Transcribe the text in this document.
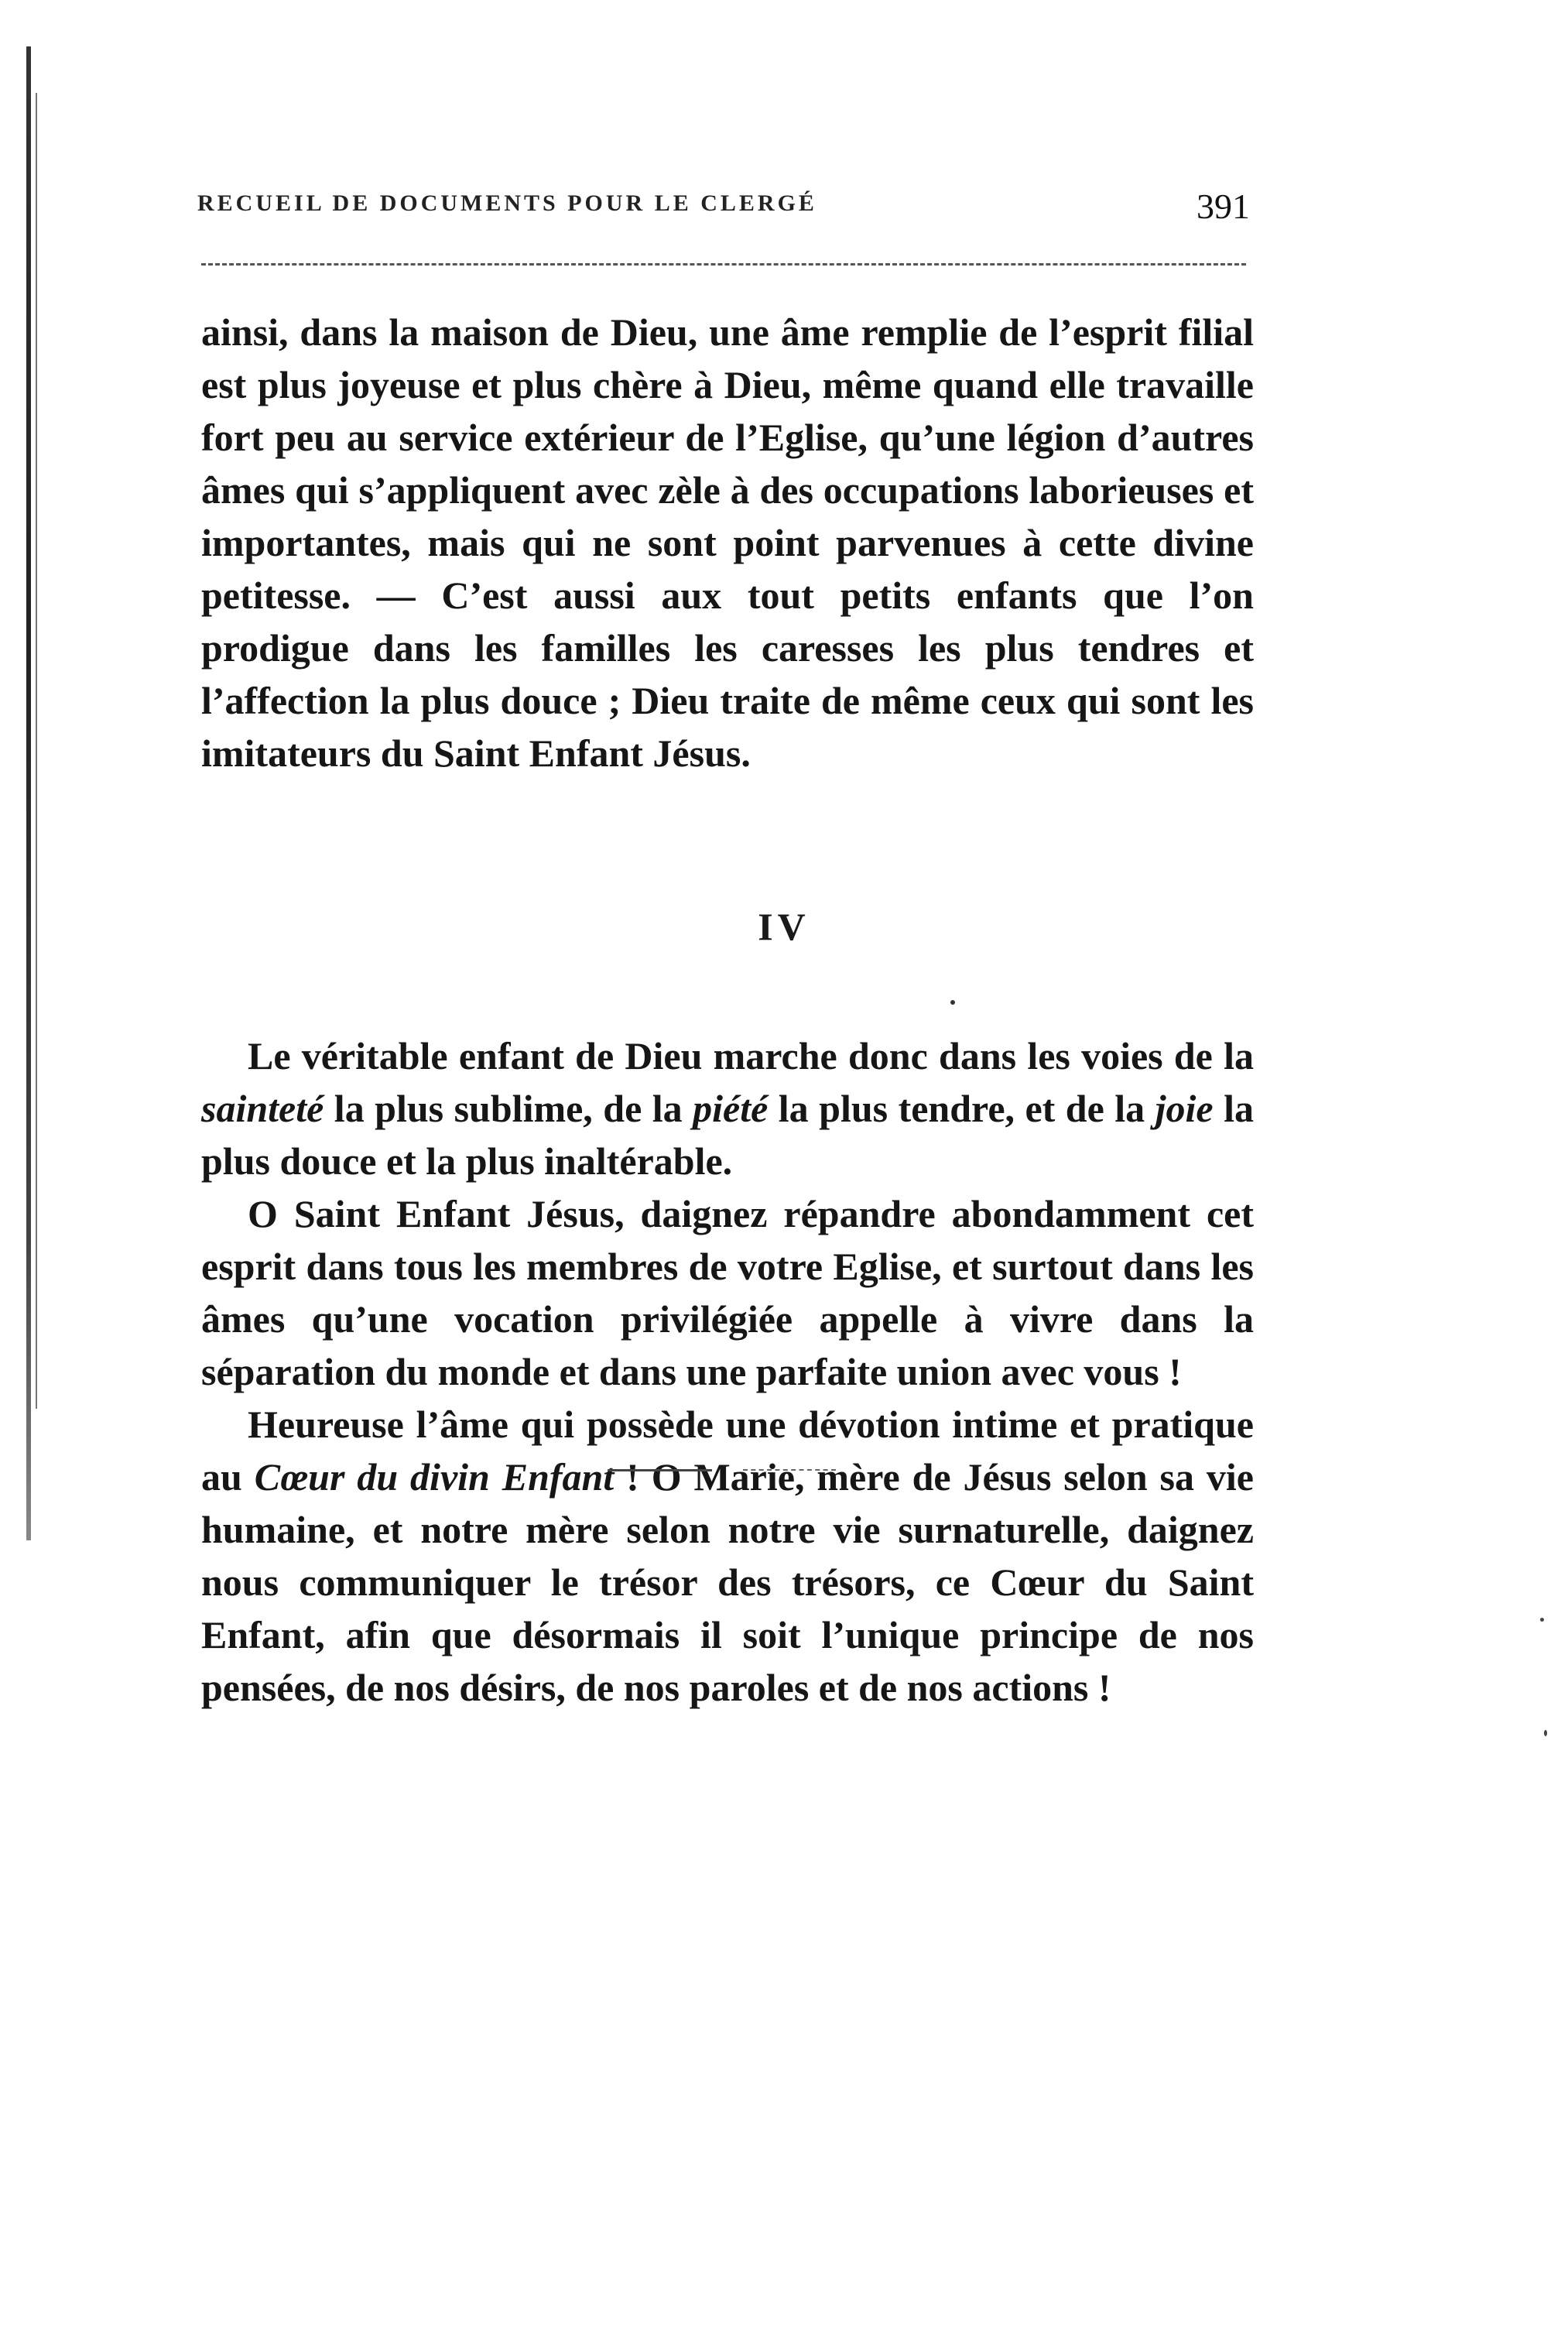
RECUEIL DE DOCUMENTS POUR LE CLERGÉ	391

ainsi, dans la maison de Dieu, une âme remplie de l’esprit filial est plus joyeuse et plus chère à Dieu, même quand elle travaille fort peu au service extérieur de l’Eglise, qu’une légion d’autres âmes qui s’appliquent avec zèle à des occupations laborieuses et importantes, mais qui ne sont point parvenues à cette divine petitesse. — C’est aussi aux tout petits enfants que l’on prodigue dans les familles les caresses les plus tendres et l’affection la plus douce ; Dieu traite de même ceux qui sont les imitateurs du Saint Enfant Jésus.

IV

Le véritable enfant de Dieu marche donc dans les voies de la sainteté la plus sublime, de la piété la plus tendre, et de la joie la plus douce et la plus inaltérable.

O Saint Enfant Jésus, daignez répandre abondamment cet esprit dans tous les membres de votre Eglise, et surtout dans les âmes qu’une vocation privilégiée appelle à vivre dans la séparation du monde et dans une parfaite union avec vous !

Heureuse l’âme qui possède une dévotion intime et pratique au Cœur du divin Enfant ! O Marie, mère de Jésus selon sa vie humaine, et notre mère selon notre vie surnaturelle, daignez nous communiquer le trésor des trésors, ce Cœur du Saint Enfant, afin que désormais il soit l’unique principe de nos pensées, de nos désirs, de nos paroles et de nos actions !
